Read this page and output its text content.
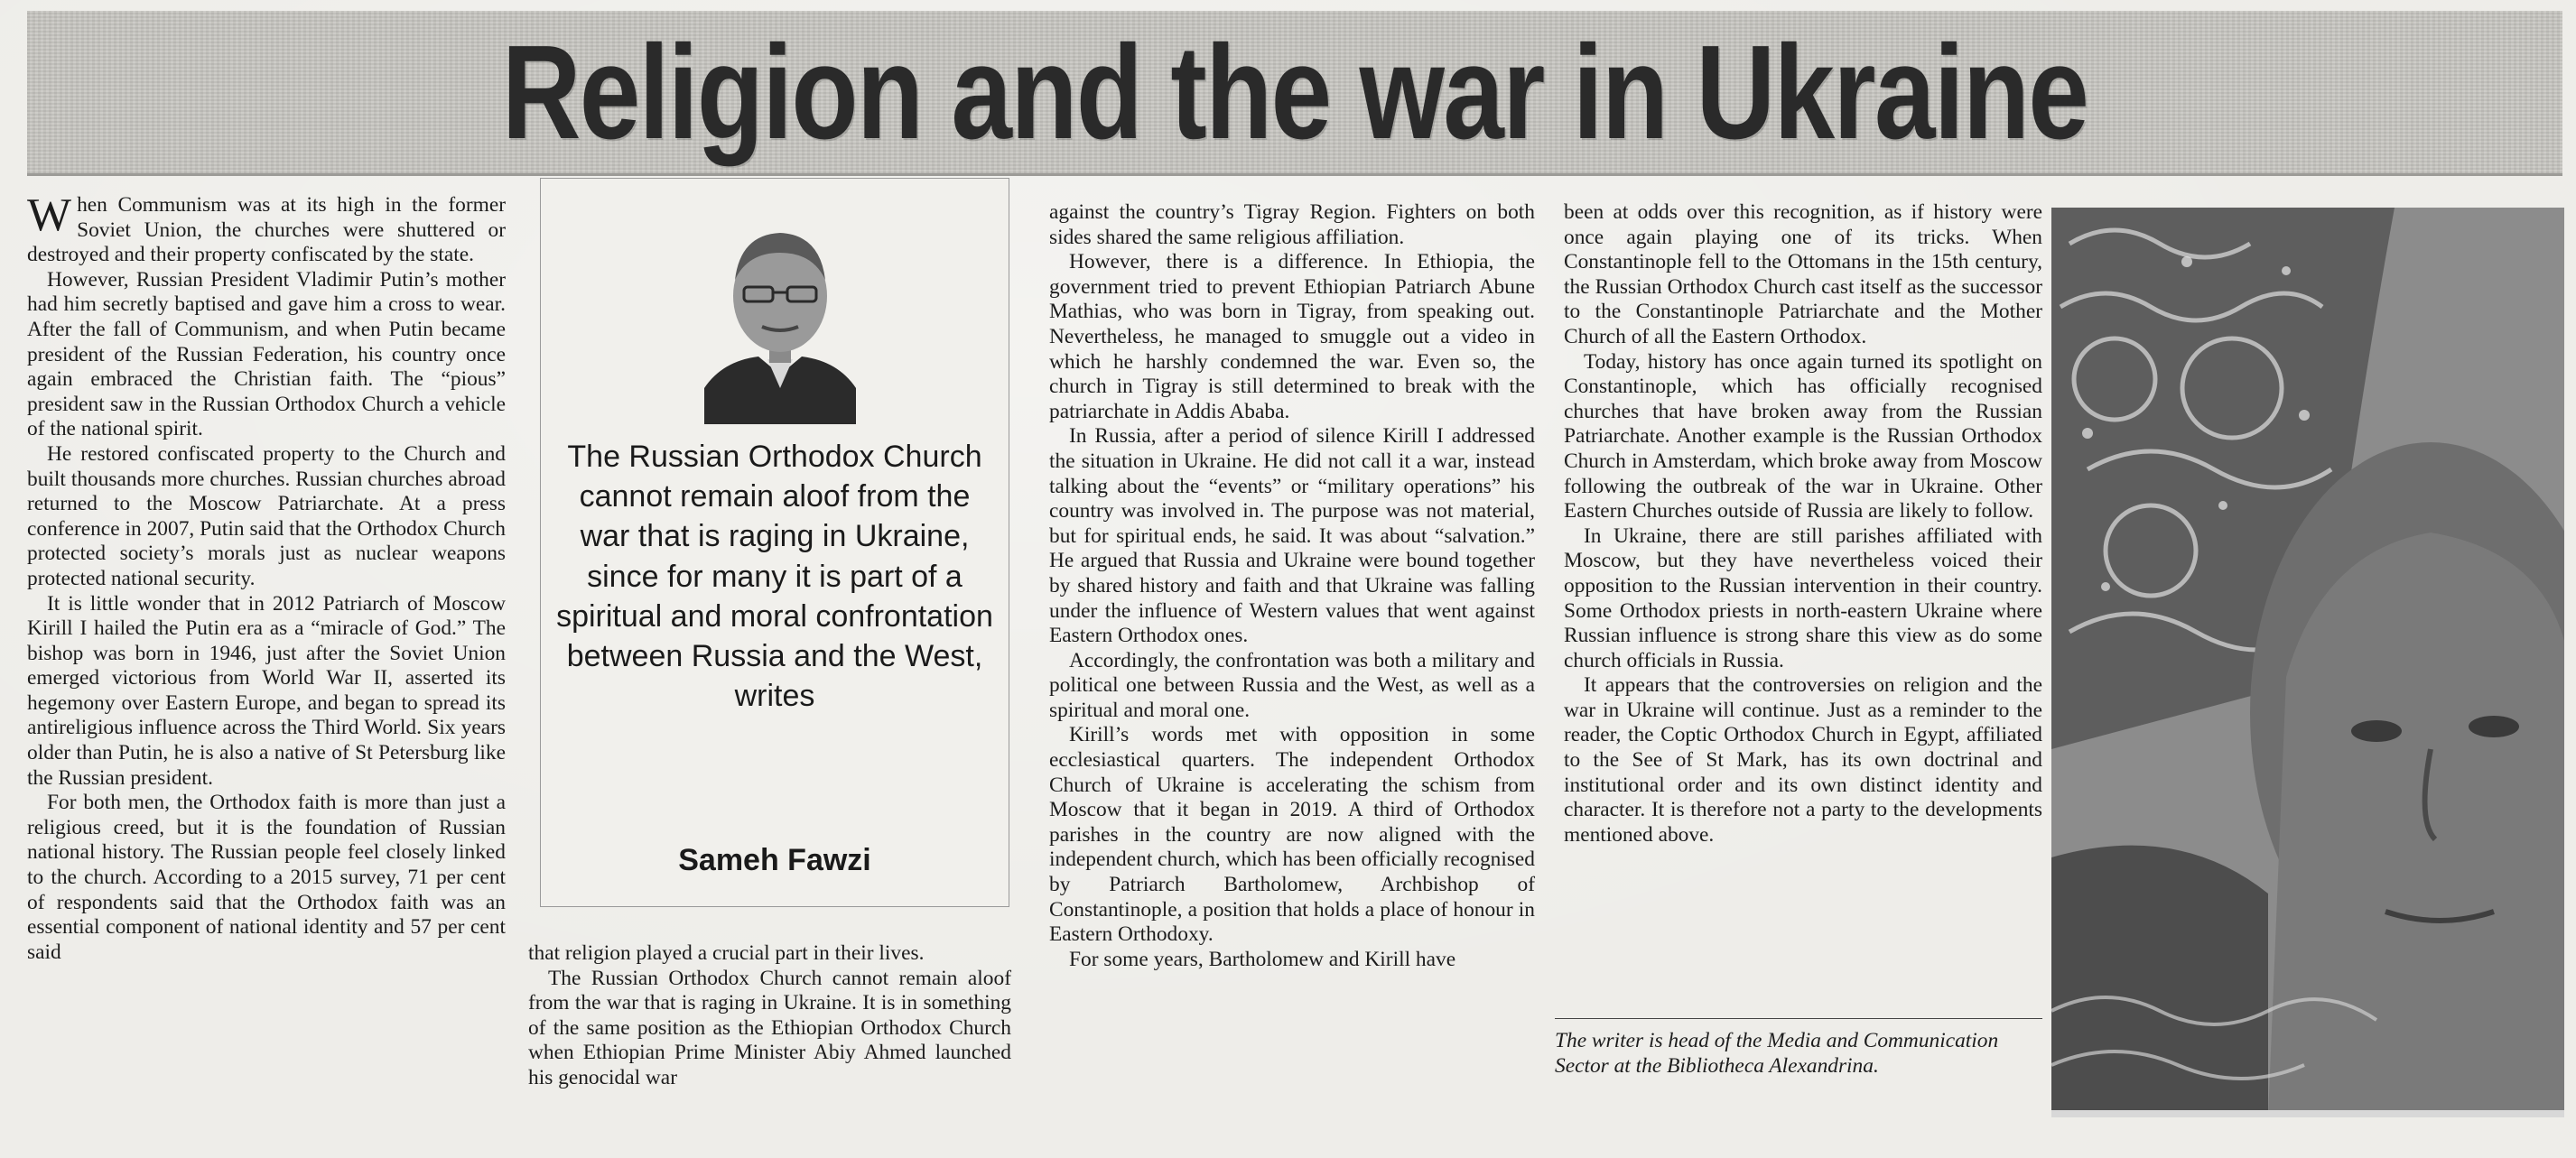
Religion and the war in Ukraine

When Communism was at its high in the former Soviet Union, the churches were shuttered or destroyed and their property confiscated by the state.

However, Russian President Vladimir Putin’s mother had him secretly baptised and gave him a cross to wear. After the fall of Communism, and when Putin became president of the Russian Federation, his country once again embraced the Christian faith. The “pious” president saw in the Russian Orthodox Church a vehicle of the national spirit.

He restored confiscated property to the Church and built thousands more churches. Russian churches abroad returned to the Moscow Patriarchate. At a press conference in 2007, Putin said that the Orthodox Church protected society’s morals just as nuclear weapons protected national security.

It is little wonder that in 2012 Patriarch of Moscow Kirill I hailed the Putin era as a “miracle of God.” The bishop was born in 1946, just after the Soviet Union emerged victorious from World War II, asserted its hegemony over Eastern Europe, and began to spread its antireligious influence across the Third World. Six years older than Putin, he is also a native of St Petersburg like the Russian president.

For both men, the Orthodox faith is more than just a religious creed, but it is the foundation of Russian national history. The Russian people feel closely linked to the church. According to a 2015 survey, 71 per cent of respondents said that the Orthodox faith was an essential component of national identity and 57 per cent said

The Russian Orthodox Church cannot remain aloof from the war that is raging in Ukraine, since for many it is part of a spiritual and moral confrontation between Russia and the West, writes
Sameh Fawzi

that religion played a crucial part in their lives.

The Russian Orthodox Church cannot remain aloof from the war that is raging in Ukraine. It is in something of the same position as the Ethiopian Orthodox Church when Ethiopian Prime Minister Abiy Ahmed launched his genocidal war

against the country’s Tigray Region. Fighters on both sides shared the same religious affiliation.

However, there is a difference. In Ethiopia, the government tried to prevent Ethiopian Patriarch Abune Mathias, who was born in Tigray, from speaking out. Nevertheless, he managed to smuggle out a video in which he harshly condemned the war. Even so, the church in Tigray is still determined to break with the patriarchate in Addis Ababa.

In Russia, after a period of silence Kirill I addressed the situation in Ukraine. He did not call it a war, instead talking about the “events” or “military operations” his country was involved in. The purpose was not material, but for spiritual ends, he said. It was about “salvation.” He argued that Russia and Ukraine were bound together by shared history and faith and that Ukraine was falling under the influence of Western values that went against Eastern Orthodox ones.

Accordingly, the confrontation was both a military and political one between Russia and the West, as well as a spiritual and moral one.

Kirill’s words met with opposition in some ecclesiastical quarters. The independent Orthodox Church of Ukraine is accelerating the schism from Moscow that it began in 2019. A third of Orthodox parishes in the country are now aligned with the independent church, which has been officially recognised by Patriarch Bartholomew, Archbishop of Constantinople, a position that holds a place of honour in Eastern Orthodoxy.

For some years, Bartholomew and Kirill have

been at odds over this recognition, as if history were once again playing one of its tricks. When Constantinople fell to the Ottomans in the 15th century, the Russian Orthodox Church cast itself as the successor to the Constantinople Patriarchate and the Mother Church of all the Eastern Orthodox.

Today, history has once again turned its spotlight on Constantinople, which has officially recognised churches that have broken away from the Russian Patriarchate. Another example is the Russian Orthodox Church in Amsterdam, which broke away from Moscow following the outbreak of the war in Ukraine. Other Eastern Churches outside of Russia are likely to follow.

In Ukraine, there are still parishes affiliated with Moscow, but they have nevertheless voiced their opposition to the Russian intervention in their country. Some Orthodox priests in north-eastern Ukraine where Russian influence is strong share this view as do some church officials in Russia.

It appears that the controversies on religion and the war in Ukraine will continue. Just as a reminder to the reader, the Coptic Orthodox Church in Egypt, affiliated to the See of St Mark, has its own doctrinal and institutional order and its own distinct identity and character. It is therefore not a party to the developments mentioned above.

The writer is head of the Media and Communication Sector at the Bibliotheca Alexandrina.
